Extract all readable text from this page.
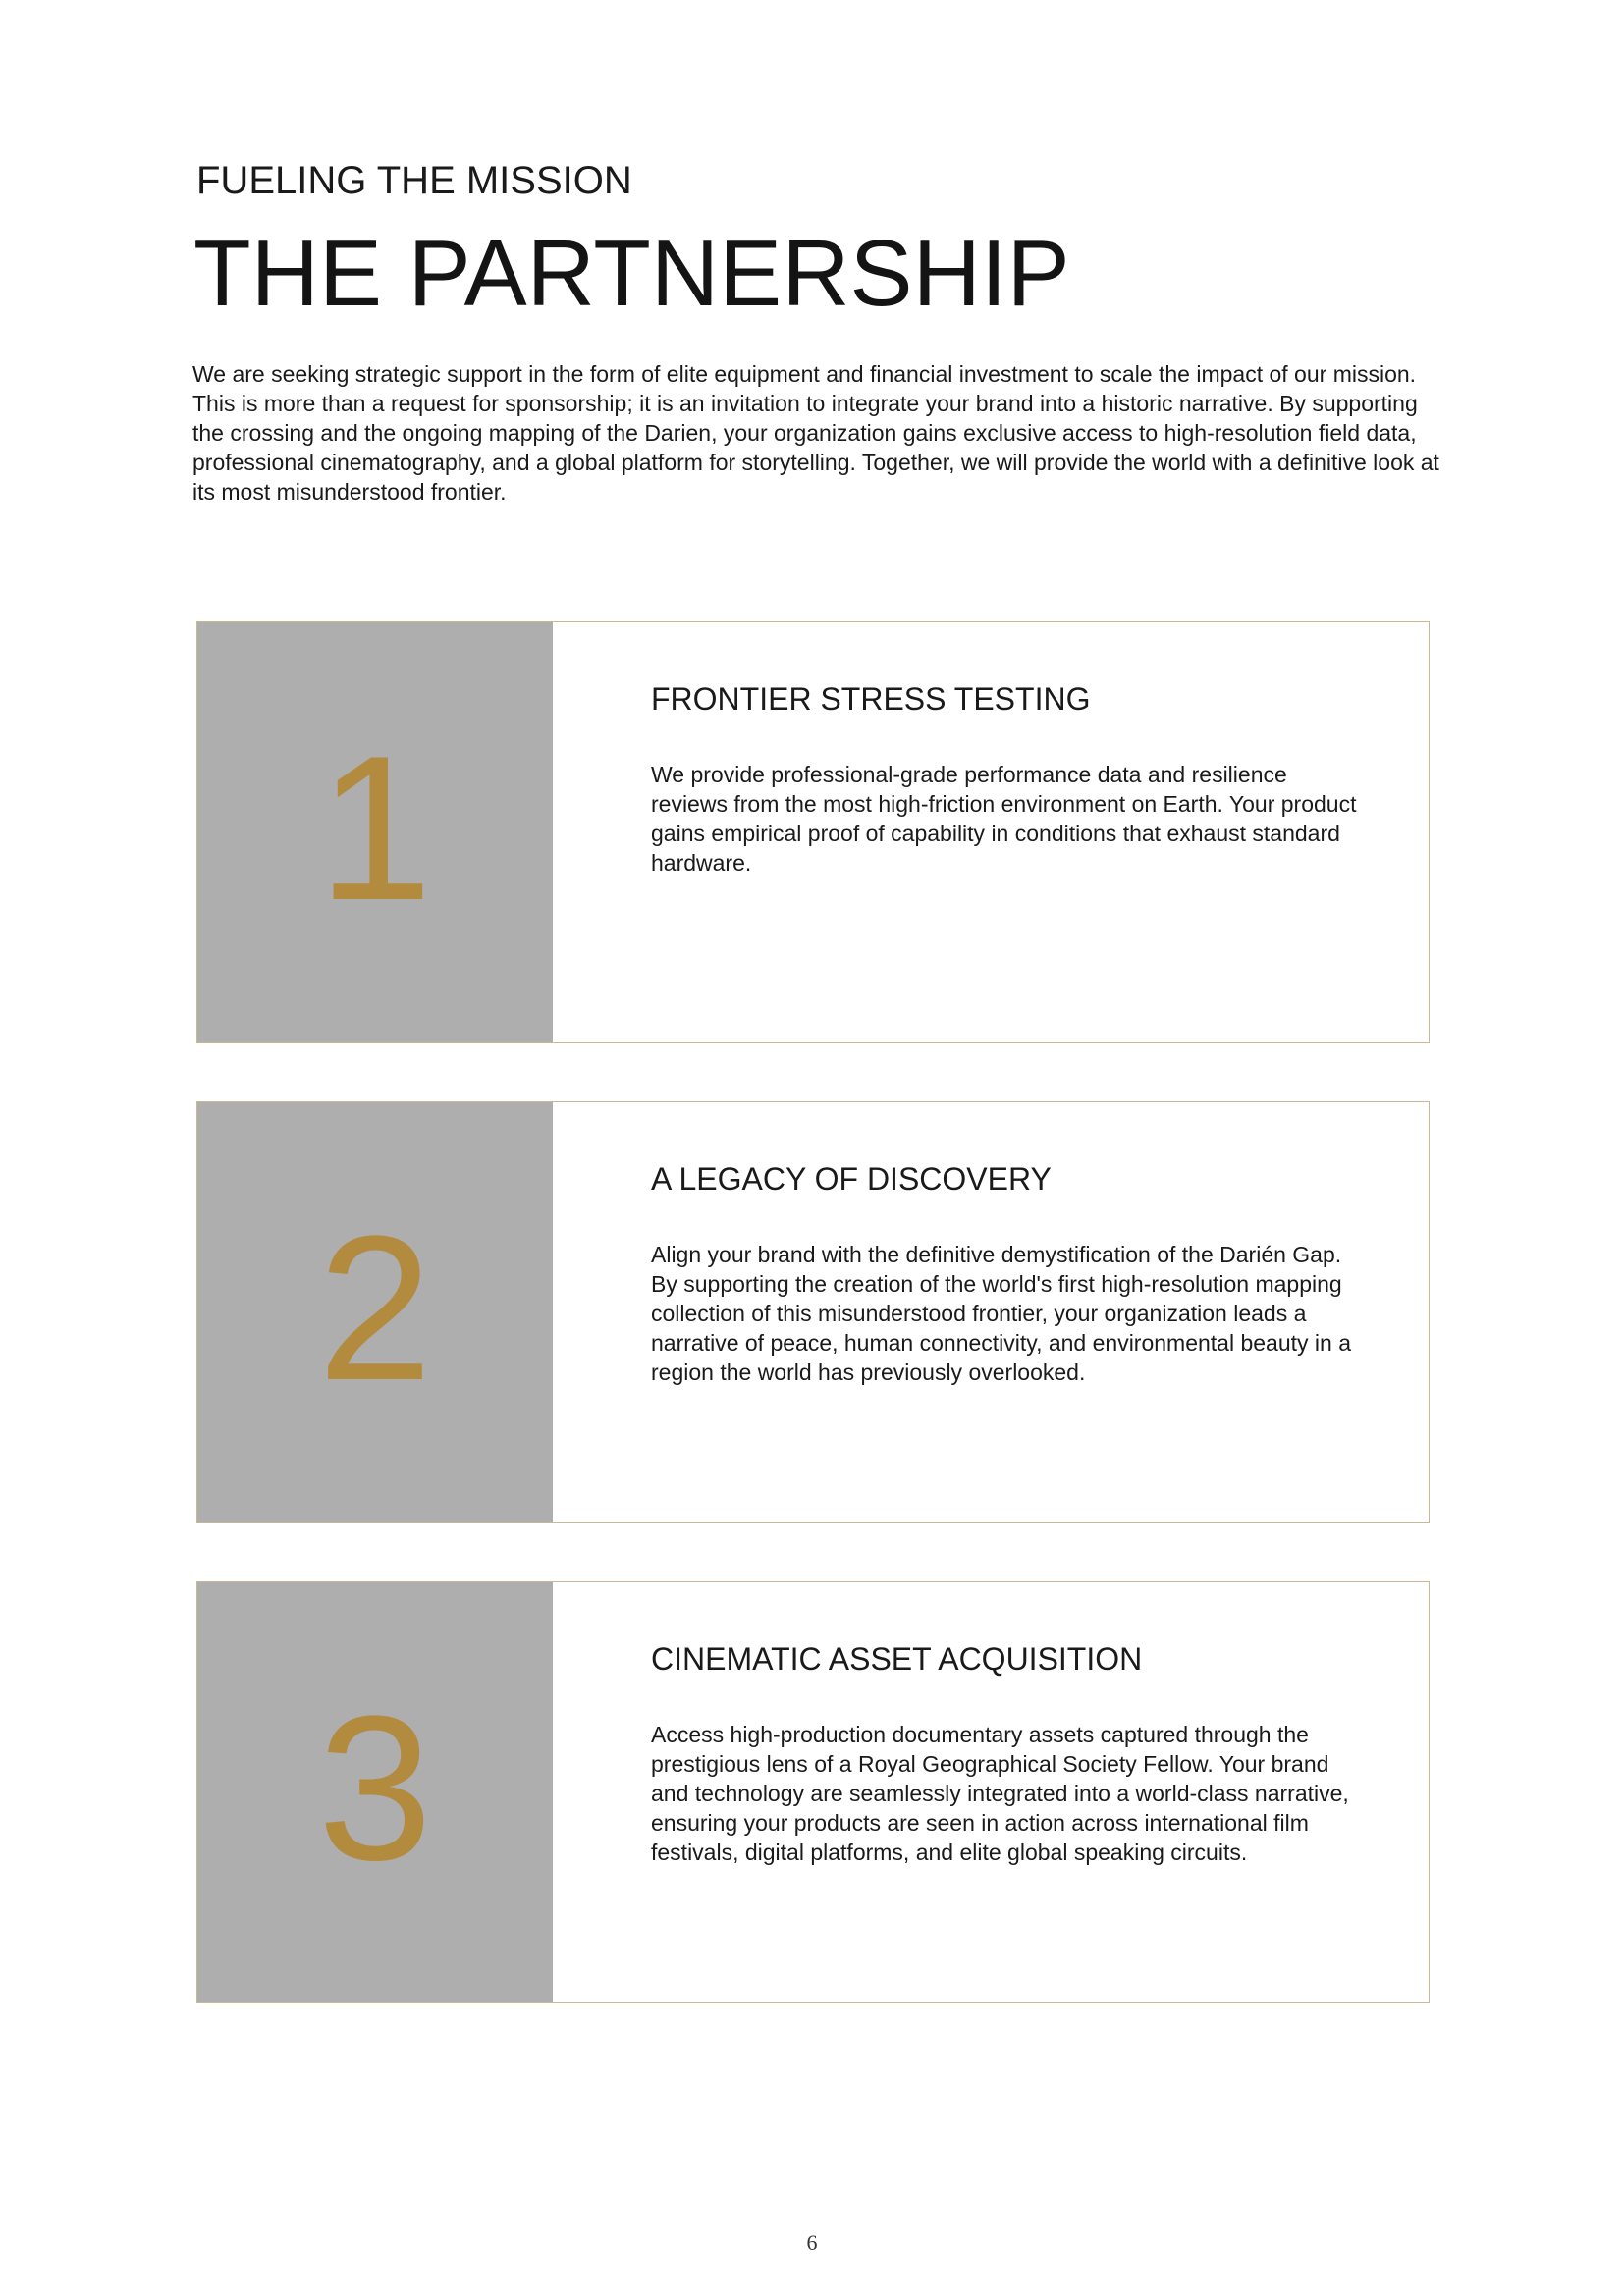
FUELING THE MISSION
THE PARTNERSHIP

We are seeking strategic support in the form of elite equipment and financial investment to scale the impact of our mission. This is more than a request for sponsorship; it is an invitation to integrate your brand into a historic narrative. By supporting the crossing and the ongoing mapping of the Darien, your organization gains exclusive access to high-resolution field data, professional cinematography, and a global platform for storytelling. Together, we will provide the world with a definitive look at its most misunderstood frontier.

1
FRONTIER STRESS TESTING

We provide professional-grade performance data and resilience reviews from the most high-friction environment on Earth. Your product gains empirical proof of capability in conditions that exhaust standard hardware.

2
A LEGACY OF DISCOVERY

Align your brand with the definitive demystification of the Darién Gap. By supporting the creation of the world's first high-resolution mapping collection of this misunderstood frontier, your organization leads a narrative of peace, human connectivity, and environmental beauty in a region the world has previously overlooked.

3
CINEMATIC ASSET ACQUISITION

Access high-production documentary assets captured through the prestigious lens of a Royal Geographical Society Fellow. Your brand and technology are seamlessly integrated into a world-class narrative, ensuring your products are seen in action across international film festivals, digital platforms, and elite global speaking circuits.

6
